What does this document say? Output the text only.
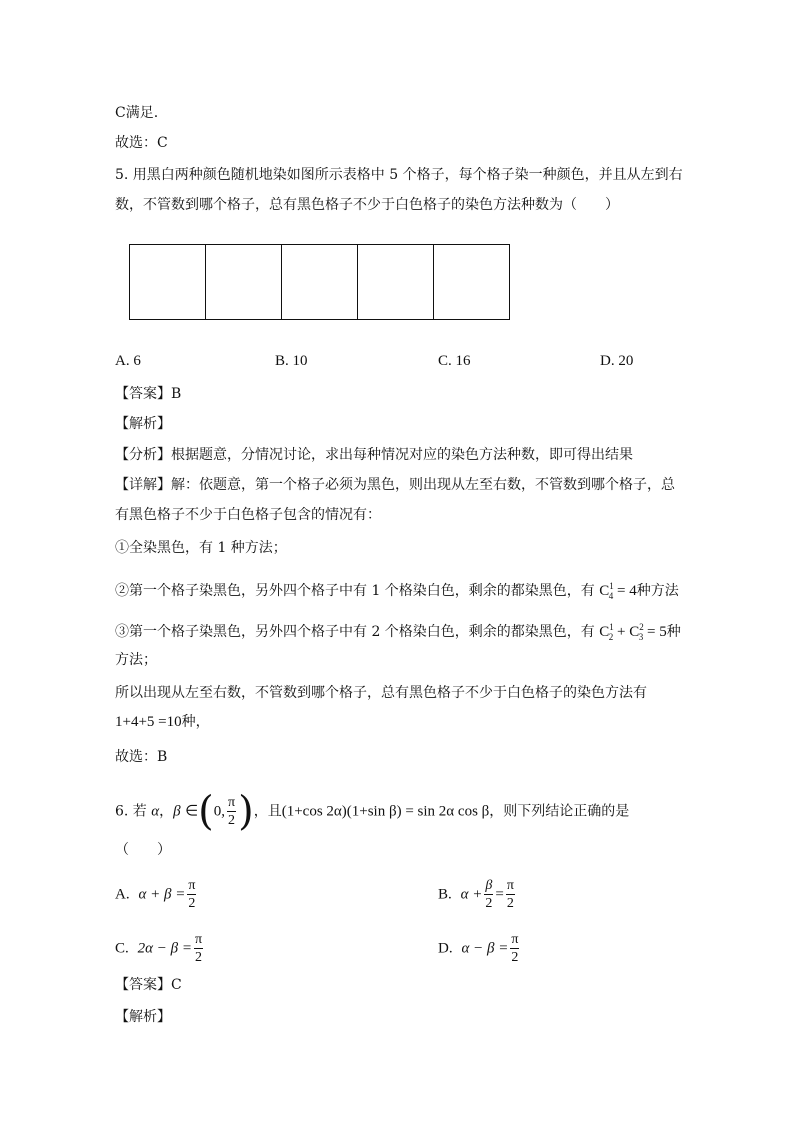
C满足.
故选：C
5. 用黑白两种颜色随机地染如图所示表格中 5 个格子，每个格子染一种颜色，并且从左到右
数，不管数到哪个格子，总有黑色格子不少于白色格子的染色方法种数为（　　）
A. 6	B. 10	C. 16	D. 20
【答案】B
【解析】
【分析】根据题意，分情况讨论，求出每种情况对应的染色方法种数，即可得出结果
【详解】解：依题意，第一个格子必须为黑色，则出现从左至右数，不管数到哪个格子，总
有黑色格子不少于白色格子包含的情况有：
①全染黑色，有 1 种方法；
②第一个格子染黑色，另外四个格子中有 1 个格染白色，剩余的都染黑色，有 $C^1_4 = 4$种方法
③第一个格子染黑色，另外四个格子中有 2 个格染白色，剩余的都染黑色，有 $C^1_2 + C^2_3 = 5$种
方法；
所以出现从左至右数，不管数到哪个格子，总有黑色格子不少于白色格子的染色方法有
1+4+5 =10种，
故选：B
6. 若 α，β ∈(0, $\frac{\pi}{2}$ )，且(1+cos 2α)(1+sin β) = sin 2α cos β，则下列结论正确的是
（　　）
A. $\alpha + \beta = \frac{\pi}{2}$	B. $\alpha + \frac{\beta}{2} = \frac{\pi}{2}$
C. $2\alpha - \beta = \frac{\pi}{2}$	D. $\alpha - \beta = \frac{\pi}{2}$
【答案】C
【解析】
